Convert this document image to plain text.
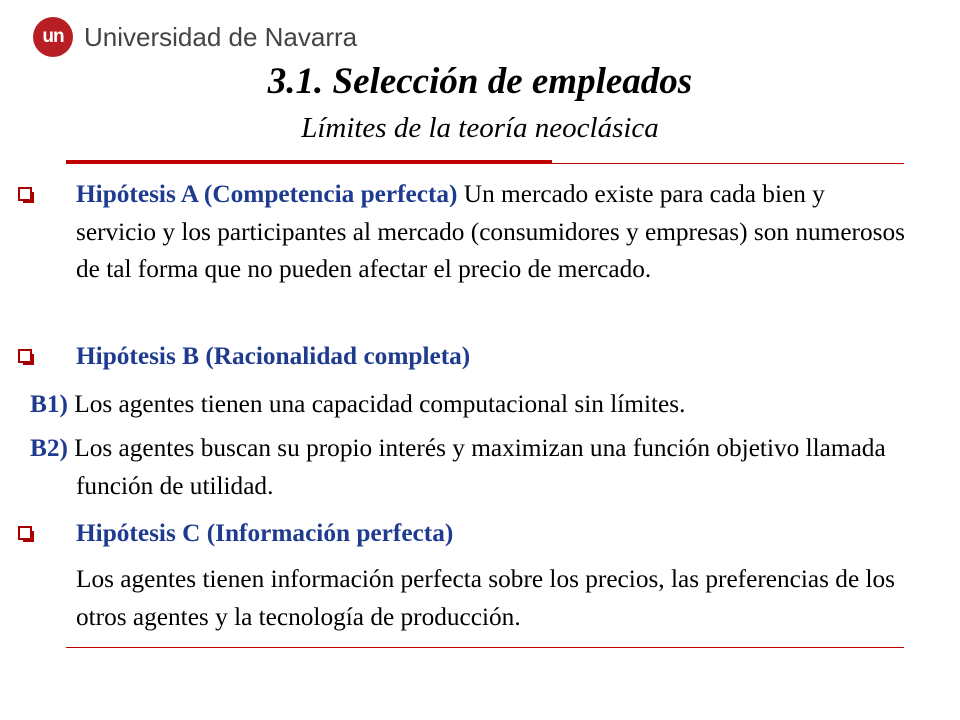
un Universidad de Navarra
3.1. Selección de empleados
Límites de la teoría neoclásica
Hipótesis A (Competencia perfecta) Un mercado existe para cada bien y servicio y los participantes al mercado (consumidores y empresas) son numerosos de tal forma que no pueden afectar el precio de mercado.
Hipótesis B (Racionalidad completa)
B1) Los agentes tienen una capacidad computacional sin límites.
B2) Los agentes buscan su propio interés y maximizan una función objetivo llamada función de utilidad.
Hipótesis C (Información perfecta)
Los agentes tienen información perfecta sobre los precios, las preferencias de los otros agentes y la tecnología de producción.
